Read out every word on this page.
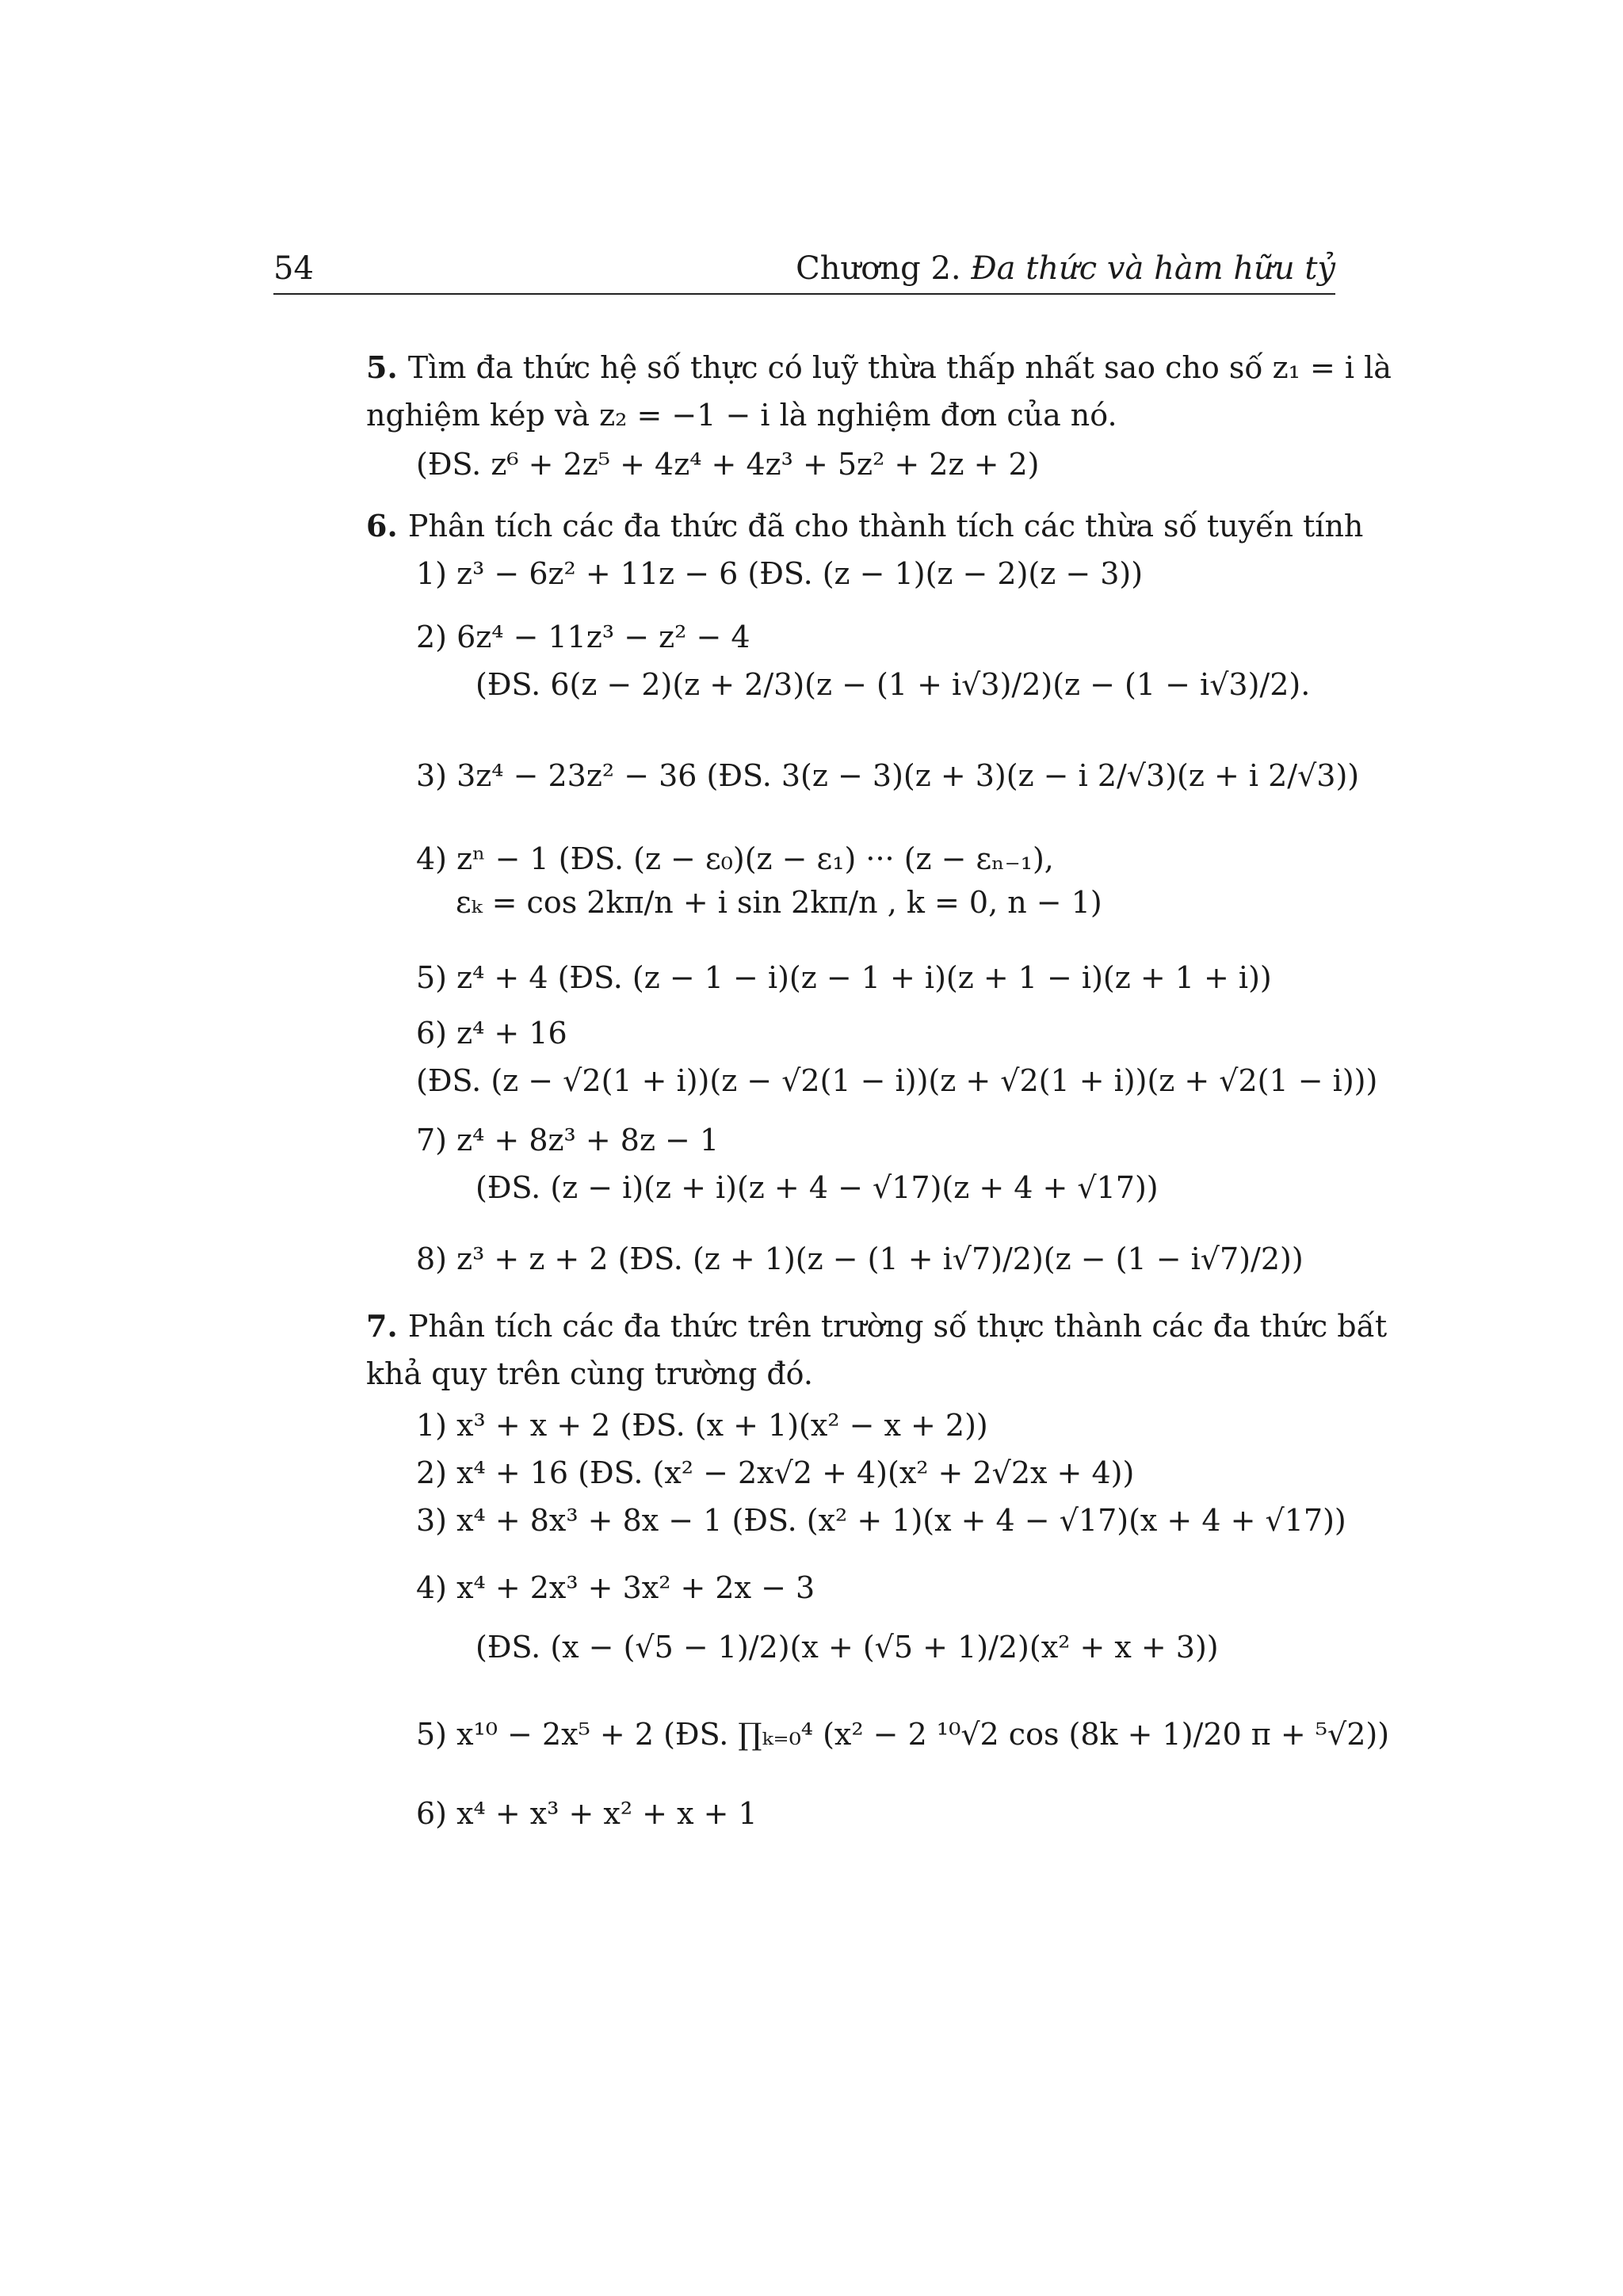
54	Chương 2. Đa thức và hàm hữu tỷ
5. Tìm đa thức hệ số thực có luỹ thừa thấp nhất sao cho số z₁ = i là
nghiệm kép và z₂ = −1 − i là nghiệm đơn của nó.
(ĐS. z⁶ + 2z⁵ + 4z⁴ + 4z³ + 5z² + 2z + 2)
6. Phân tích các đa thức đã cho thành tích các thừa số tuyến tính
1) z³ − 6z² + 11z − 6 (ĐS. (z − 1)(z − 2)(z − 3))
2) 6z⁴ − 11z³ − z² − 4
(ĐS. 6(z − 2)(z + 2/3)(z − (1 + i√3)/2)(z − (1 − i√3)/2).
3) 3z⁴ − 23z² − 36 (ĐS. 3(z − 3)(z + 3)(z − i 2/√3)(z + i 2/√3))
4) zⁿ − 1 (ĐS. (z − ε₀)(z − ε₁) ··· (z − εₙ₋₁),
εₖ = cos 2kπ/n + i sin 2kπ/n , k = 0, n − 1)
5) z⁴ + 4 (ĐS. (z − 1 − i)(z − 1 + i)(z + 1 − i)(z + 1 + i))
6) z⁴ + 16
(ĐS. (z − √2(1 + i))(z − √2(1 − i))(z + √2(1 + i))(z + √2(1 − i)))
7) z⁴ + 8z³ + 8z − 1
(ĐS. (z − i)(z + i)(z + 4 − √17)(z + 4 + √17))
8) z³ + z + 2 (ĐS. (z + 1)(z − (1 + i√7)/2)(z − (1 − i√7)/2))
7. Phân tích các đa thức trên trường số thực thành các đa thức bất
khả quy trên cùng trường đó.
1) x³ + x + 2 (ĐS. (x + 1)(x² − x + 2))
2) x⁴ + 16 (ĐS. (x² − 2x√2 + 4)(x² + 2√2x + 4))
3) x⁴ + 8x³ + 8x − 1 (ĐS. (x² + 1)(x + 4 − √17)(x + 4 + √17))
4) x⁴ + 2x³ + 3x² + 2x − 3
(ĐS. (x − (√5 − 1)/2)(x + (√5 + 1)/2)(x² + x + 3))
5) x¹⁰ − 2x⁵ + 2 (ĐS. ∏ₖ₌₀⁴ (x² − 2 ¹⁰√2 cos (8k + 1)/20 π + ⁵√2))
6) x⁴ + x³ + x² + x + 1
